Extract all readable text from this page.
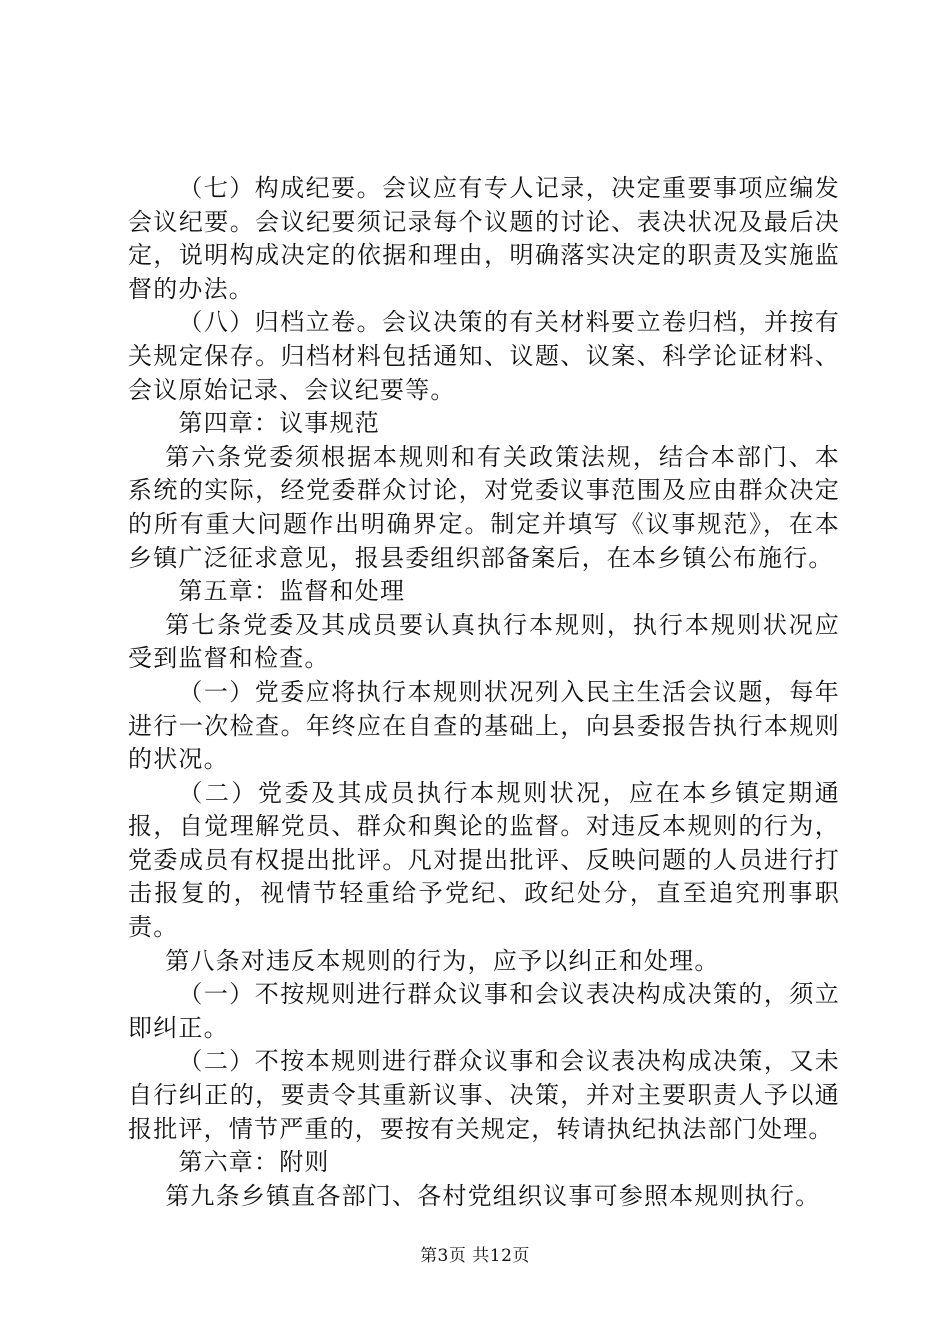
（七）构成纪要。会议应有专人记录，决定重要事项应编发会议纪要。会议纪要须记录每个议题的讨论、表决状况及最后决定，说明构成决定的依据和理由，明确落实决定的职责及实施监督的办法。

（八）归档立卷。会议决策的有关材料要立卷归档，并按有关规定保存。归档材料包括通知、议题、议案、科学论证材料、会议原始记录、会议纪要等。

第四章：议事规范

第六条党委须根据本规则和有关政策法规，结合本部门、本系统的实际，经党委群众讨论，对党委议事范围及应由群众决定的所有重大问题作出明确界定。制定并填写《议事规范》，在本乡镇广泛征求意见，报县委组织部备案后，在本乡镇公布施行。

第五章：监督和处理

第七条党委及其成员要认真执行本规则，执行本规则状况应受到监督和检查。

（一）党委应将执行本规则状况列入民主生活会议题，每年进行一次检查。年终应在自查的基础上，向县委报告执行本规则的状况。

（二）党委及其成员执行本规则状况，应在本乡镇定期通报，自觉理解党员、群众和舆论的监督。对违反本规则的行为，党委成员有权提出批评。凡对提出批评、反映问题的人员进行打击报复的，视情节轻重给予党纪、政纪处分，直至追究刑事职责。

第八条对违反本规则的行为，应予以纠正和处理。

（一）不按规则进行群众议事和会议表决构成决策的，须立即纠正。

（二）不按本规则进行群众议事和会议表决构成决策，又未自行纠正的，要责令其重新议事、决策，并对主要职责人予以通报批评，情节严重的，要按有关规定，转请执纪执法部门处理。

第六章：附则

第九条乡镇直各部门、各村党组织议事可参照本规则执行。

第3页 共12页
